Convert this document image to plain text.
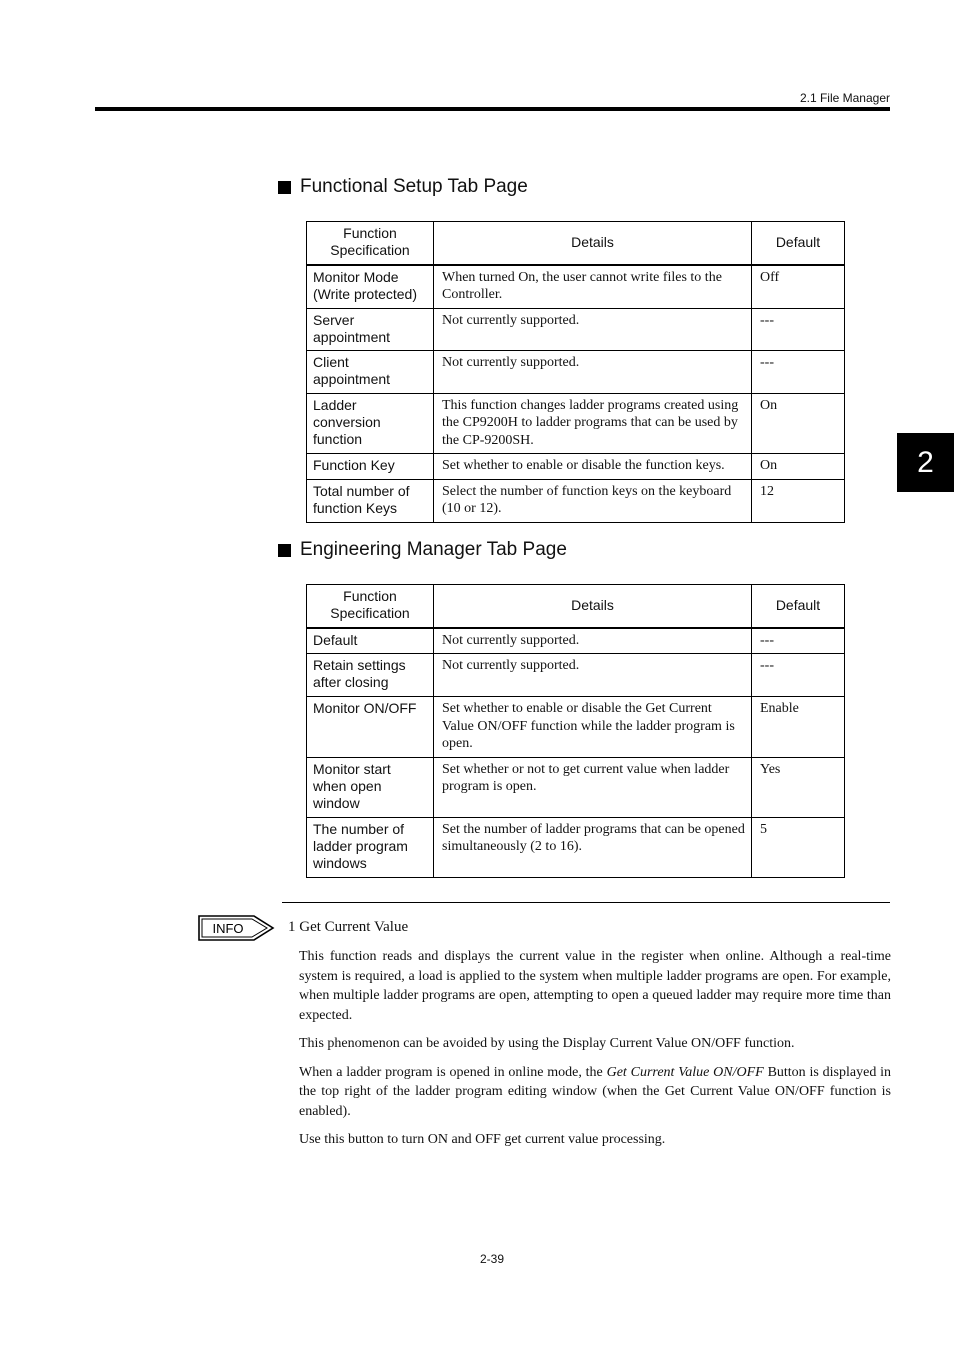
2.1 File Manager
2
Functional Setup Tab Page
Function Specification	Details	Default
Monitor Mode (Write protected)	When turned On, the user cannot write files to the Controller.	Off
Server appointment	Not currently supported.	---
Client appointment	Not currently supported.	---
Ladder conversion function	This function changes ladder programs created using the CP9200H to ladder programs that can be used by the CP-9200SH.	On
Function Key	Set whether to enable or disable the function keys.	On
Total number of function Keys	Select the number of function keys on the keyboard (10 or 12).	12
Engineering Manager Tab Page
Function Specification	Details	Default
Default	Not currently supported.	---
Retain settings after closing	Not currently supported.	---
Monitor ON/OFF	Set whether to enable or disable the Get Current Value ON/OFF function while the ladder program is open.	Enable
Monitor start when open window	Set whether or not to get current value when ladder program is open.	Yes
The number of ladder program windows	Set the number of ladder programs that can be opened simultaneously (2 to 16).	5
INFO	1 Get Current Value

This function reads and displays the current value in the register when online. Although a real-time system is required, a load is applied to the system when multiple ladder programs are open. For example, when multiple ladder programs are open, attempting to open a queued ladder may require more time than expected.

This phenomenon can be avoided by using the Display Current Value ON/OFF function.

When a ladder program is opened in online mode, the Get Current Value ON/OFF Button is displayed in the top right of the ladder program editing window (when the Get Current Value ON/OFF function is enabled).

Use this button to turn ON and OFF get current value processing.

2-39
